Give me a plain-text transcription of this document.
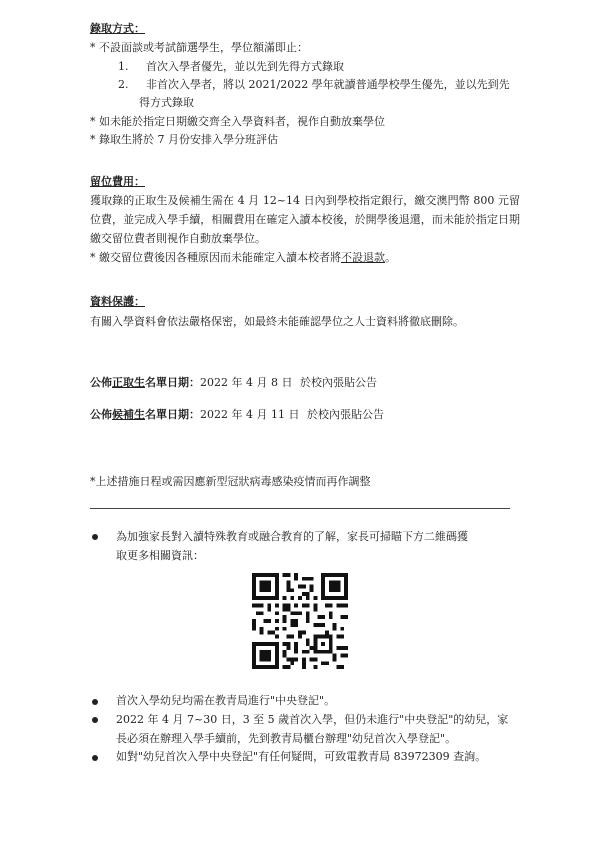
錄取方式：
* 不設面談或考試篩選學生，學位額滿即止：
1. 首次入學者優先，並以先到先得方式錄取
2. 非首次入學者，將以 2021/2022 學年就讀普通學校學生優先，並以先到先
得方式錄取
* 如未能於指定日期繳交齊全入學資料者，視作自動放棄學位
* 錄取生將於 7 月份安排入學分班評估
留位費用：
獲取錄的正取生及候補生需在 4 月 12~14 日內到學校指定銀行，繳交澳門幣 800 元留位費，並完成入學手續，相關費用在確定入讀本校後，於開學後退還，而未能於指定日期繳交留位費者則視作自動放棄學位。
* 繳交留位費後因各種原因而未能確定入讀本校者將不設退款。
資料保護：
有關入學資料會依法嚴格保密，如最終未能確認學位之人士資料將徹底刪除。
公佈正取生名單日期：2022 年 4 月 8 日 於校內張貼公告
公佈候補生名單日期：2022 年 4 月 11 日 於校內張貼公告
*上述措施日程或需因應新型冠狀病毒感染疫情而再作調整
為加強家長對入讀特殊教育或融合教育的了解，家長可掃瞄下方二維碼獲
取更多相關資訊：
首次入學幼兒均需在教青局進行"中央登記"。
2022 年 4 月 7~30 日，3 至 5 歲首次入學，但仍未進行"中央登記"的幼兒，家
長必須在辦理入學手續前，先到教青局櫃台辦理"幼兒首次入學登記"。
如對"幼兒首次入學中央登記"有任何疑問，可致電教青局 83972309 查詢。
